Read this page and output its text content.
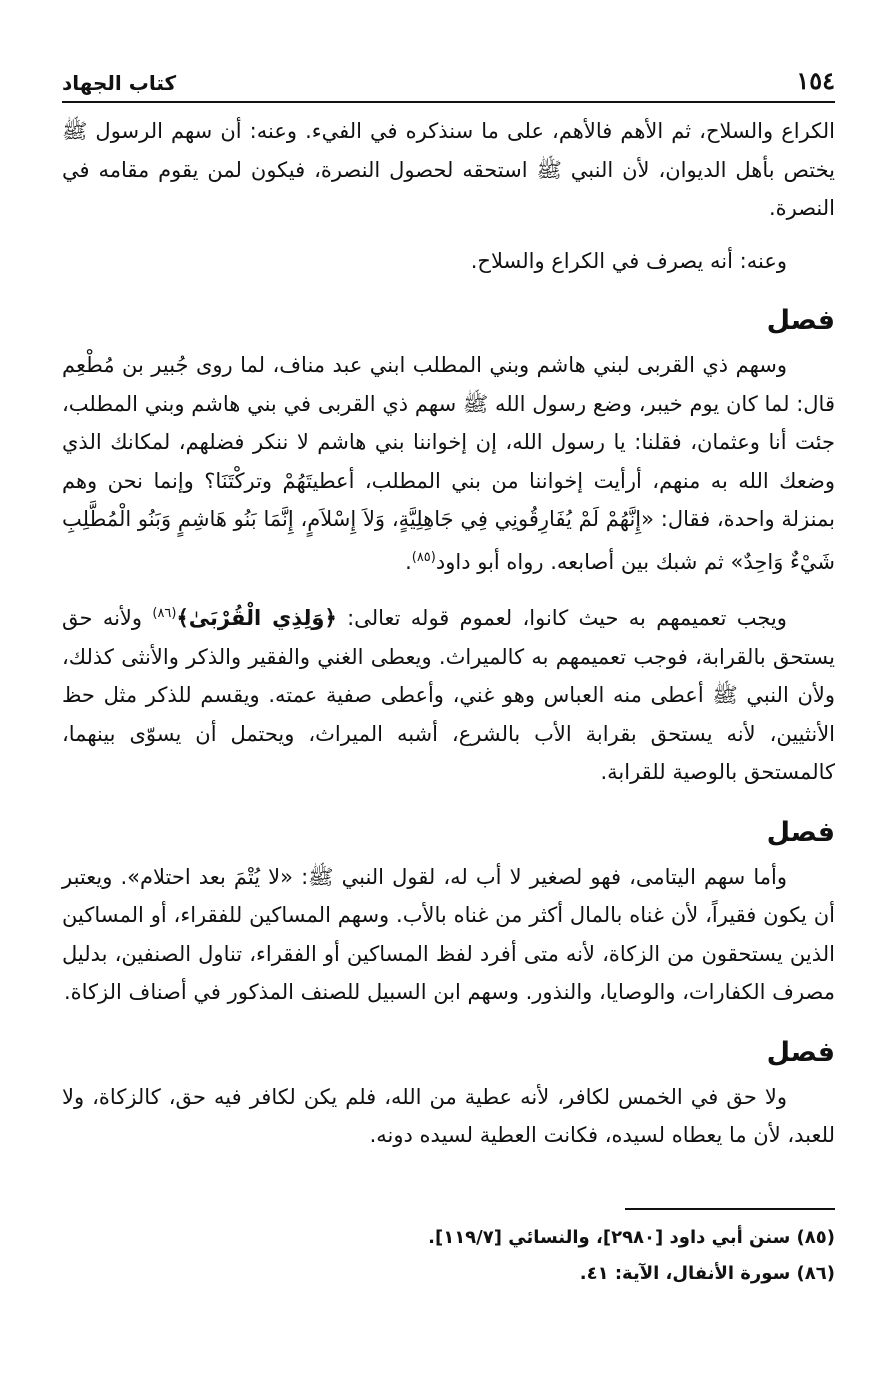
١٥٤
كتاب الجهاد

الكراع والسلاح، ثم الأهم فالأهم، على ما سنذكره في الفيء. وعنه: أن سهم الرسول ﷺ يختص بأهل الديوان، لأن النبي ﷺ استحقه لحصول النصرة، فيكون لمن يقوم مقامه في النصرة.

وعنه: أنه يصرف في الكراع والسلاح.

فصل

وسهم ذي القربى لبني هاشم وبني المطلب ابني عبد مناف، لما روى جُبير بن مُطْعِم قال: لما كان يوم خيبر، وضع رسول الله ﷺ سهم ذي القربى في بني هاشم وبني المطلب، جئت أنا وعثمان، فقلنا: يا رسول الله، إن إخواننا بني هاشم لا ننكر فضلهم، لمكانك الذي وضعك الله به منهم، أرأيت إخواننا من بني المطلب، أعطيتَهُمْ وتركْتَنَا؟ وإنما نحن وهم بمنزلة واحدة، فقال: «إِنَّهُمْ لَمْ يُفَارِقُونِي فِي جَاهِلِيَّةٍ، وَلاَ إِسْلاَمٍ، إِنَّمَا بَنُو هَاشِمٍ وَبَنُو الْمُطَّلِبِ شَيْءٌ وَاحِدٌ» ثم شبك بين أصابعه. رواه أبو داود$^{(٨٥)}$.

ويجب تعميمهم به حيث كانوا، لعموم قوله تعالى: ﴿وَلِذِي الْقُرْبَىٰ﴾$^{(٨٦)}$ ولأنه حق يستحق بالقرابة، فوجب تعميمهم به كالميراث. ويعطى الغني والفقير والذكر والأنثى كذلك، ولأن النبي ﷺ أعطى منه العباس وهو غني، وأعطى صفية عمته. ويقسم للذكر مثل حظ الأنثيين، لأنه يستحق بقرابة الأب بالشرع، أشبه الميراث، ويحتمل أن يسوّى بينهما، كالمستحق بالوصية للقرابة.

فصل

وأما سهم اليتامى، فهو لصغير لا أب له، لقول النبي ﷺ: «لا يُتْمَ بعد احتلام». ويعتبر أن يكون فقيراً، لأن غناه بالمال أكثر من غناه بالأب. وسهم المساكين للفقراء، أو المساكين الذين يستحقون من الزكاة، لأنه متى أفرد لفظ المساكين أو الفقراء، تناول الصنفين، بدليل مصرف الكفارات، والوصايا، والنذور. وسهم ابن السبيل للصنف المذكور في أصناف الزكاة.

فصل

ولا حق في الخمس لكافر، لأنه عطية من الله، فلم يكن لكافر فيه حق، كالزكاة، ولا للعبد، لأن ما يعطاه لسيده، فكانت العطية لسيده دونه.

(٨٥) سنن أبي داود [٢٩٨٠]، والنسائي [١١٩/٧].

(٨٦) سورة الأنفال، الآية: ٤١.
